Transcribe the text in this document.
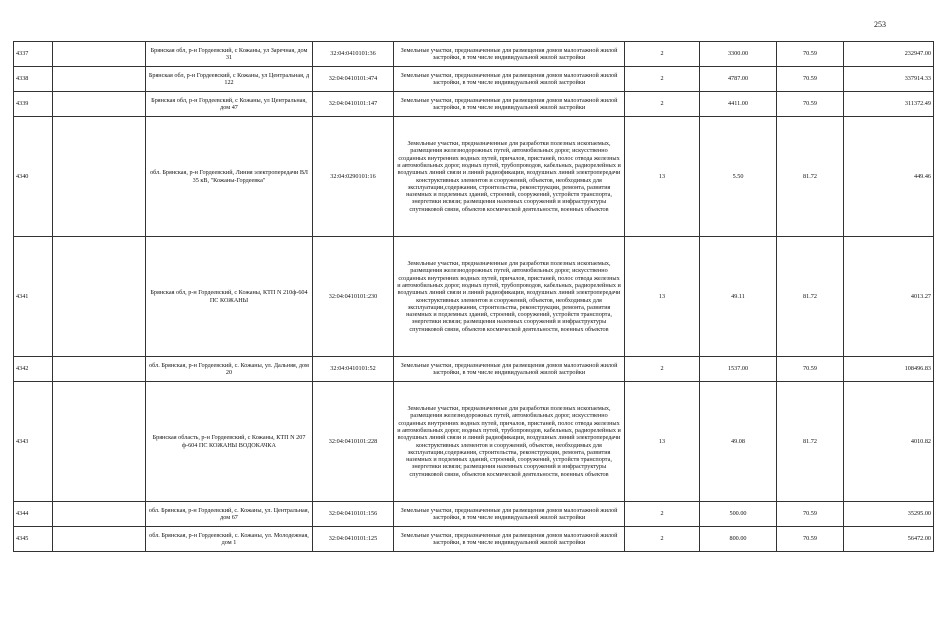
253
4337		Брянская обл, р-н Гордеевский, с Кожаны, ул Заречная, дом 31	32:04:0410101:36	Земельные участки, предназначенные для размещения домов малоэтажной жилой застройки, в том числе индивидуальной жилой застройки	2	3300.00	70.59	232947.00
4338		Брянская обл, р-н Гордеевский, с Кожаны, ул Центральная, д 122	32:04:0410101:474	Земельные участки, предназначенные для размещения домов малоэтажной жилой застройки, в том числе индивидуальной жилой застройки	2	4787.00	70.59	337914.33
4339		Брянская обл, р-н Гордеевский, с Кожаны, ул Центральная, дом 47	32:04:0410101:147	Земельные участки, предназначенные для размещения домов малоэтажной жилой застройки, в том числе индивидуальной жилой застройки	2	4411.00	70.59	311372.49
4340		обл. Брянская, р-н Гордеевский, Линия электропередачи ВЛ 35 кВ, "Кожаны-Гордеевка"	32:04:0290101:16	Земельные участки, предназначенные для разработки полезных ископаемых, размещения железнодорожных путей, автомобильных дорог, искусственно созданных внутренних водных путей, причалов, пристаней, полос отвода железных и автомобильных дорог, водных путей, трубопроводов, кабельных, радиорелейных и воздушных линий связи и линий радиофикации, воздушных линий электропередачи конструктивных элементов и сооружений, объектов, необходимых для эксплуатации,содержания, строительства, реконструкции, ремонта, развития наземных и подземных зданий, строений, сооружений, устройств транспорта, энергетики исвязи; размещения наземных сооружений и инфраструктуры спутниковой связи, объектов космической деятельности, военных объектов	13	5.50	81.72	449.46
4341		Брянская обл, р-н Гордеевский, с Кожаны, КТП N 210ф-604 ПС КОЖАНЫ	32:04:0410101:230	Земельные участки, предназначенные для разработки полезных ископаемых, размещения железнодорожных путей, автомобильных дорог, искусственно созданных внутренних водных путей, причалов, пристаней, полос отвода железных и автомобильных дорог, водных путей, трубопроводов, кабельных, радиорелейных и воздушных линий связи и линий радиофикации, воздушных линий электропередачи конструктивных элементов и сооружений, объектов, необходимых для эксплуатации,содержания, строительства, реконструкции, ремонта, развития наземных и подземных зданий, строений, сооружений, устройств транспорта, энергетики исвязи; размещения наземных сооружений и инфраструктуры спутниковой связи, объектов космической деятельности, военных объектов	13	49.11	81.72	4013.27
4342		обл. Брянская, р-н Гордеевский, с. Кожаны, ул. Дальняя, дом 20	32:04:0410101:52	Земельные участки, предназначенные для размещения домов малоэтажной жилой застройки, в том числе индивидуальной жилой застройки	2	1537.00	70.59	108496.83
4343		Брянская область, р-н Гордеевский, с Кожаны, КТП N 207 ф-604 ПС КОЖАНЫ ВОДОКАЧКА	32:04:0410101:228	Земельные участки, предназначенные для разработки полезных ископаемых, размещения железнодорожных путей, автомобильных дорог, искусственно созданных внутренних водных путей, причалов, пристаней, полос отвода железных и автомобильных дорог, водных путей, трубопроводов, кабельных, радиорелейных и воздушных линий связи и линий радиофикации, воздушных линий электропередачи конструктивных элементов и сооружений, объектов, необходимых для эксплуатации,содержания, строительства, реконструкции, ремонта, развития наземных и подземных зданий, строений, сооружений, устройств транспорта, энергетики исвязи; размещения наземных сооружений и инфраструктуры спутниковой связи, объектов космической деятельности, военных объектов	13	49.08	81.72	4010.82
4344		обл. Брянская, р-н Гордеевский, с. Кожаны, ул. Центральная, дом 67	32:04:0410101:156	Земельные участки, предназначенные для размещения домов малоэтажной жилой застройки, в том числе индивидуальной жилой застройки	2	500.00	70.59	35295.00
4345		обл. Брянская, р-н Гордеевский, с. Кожаны, ул. Молодежная, дом 1	32:04:0410101:125	Земельные участки, предназначенные для размещения домов малоэтажной жилой застройки, в том числе индивидуальной жилой застройки	2	800.00	70.59	56472.00
